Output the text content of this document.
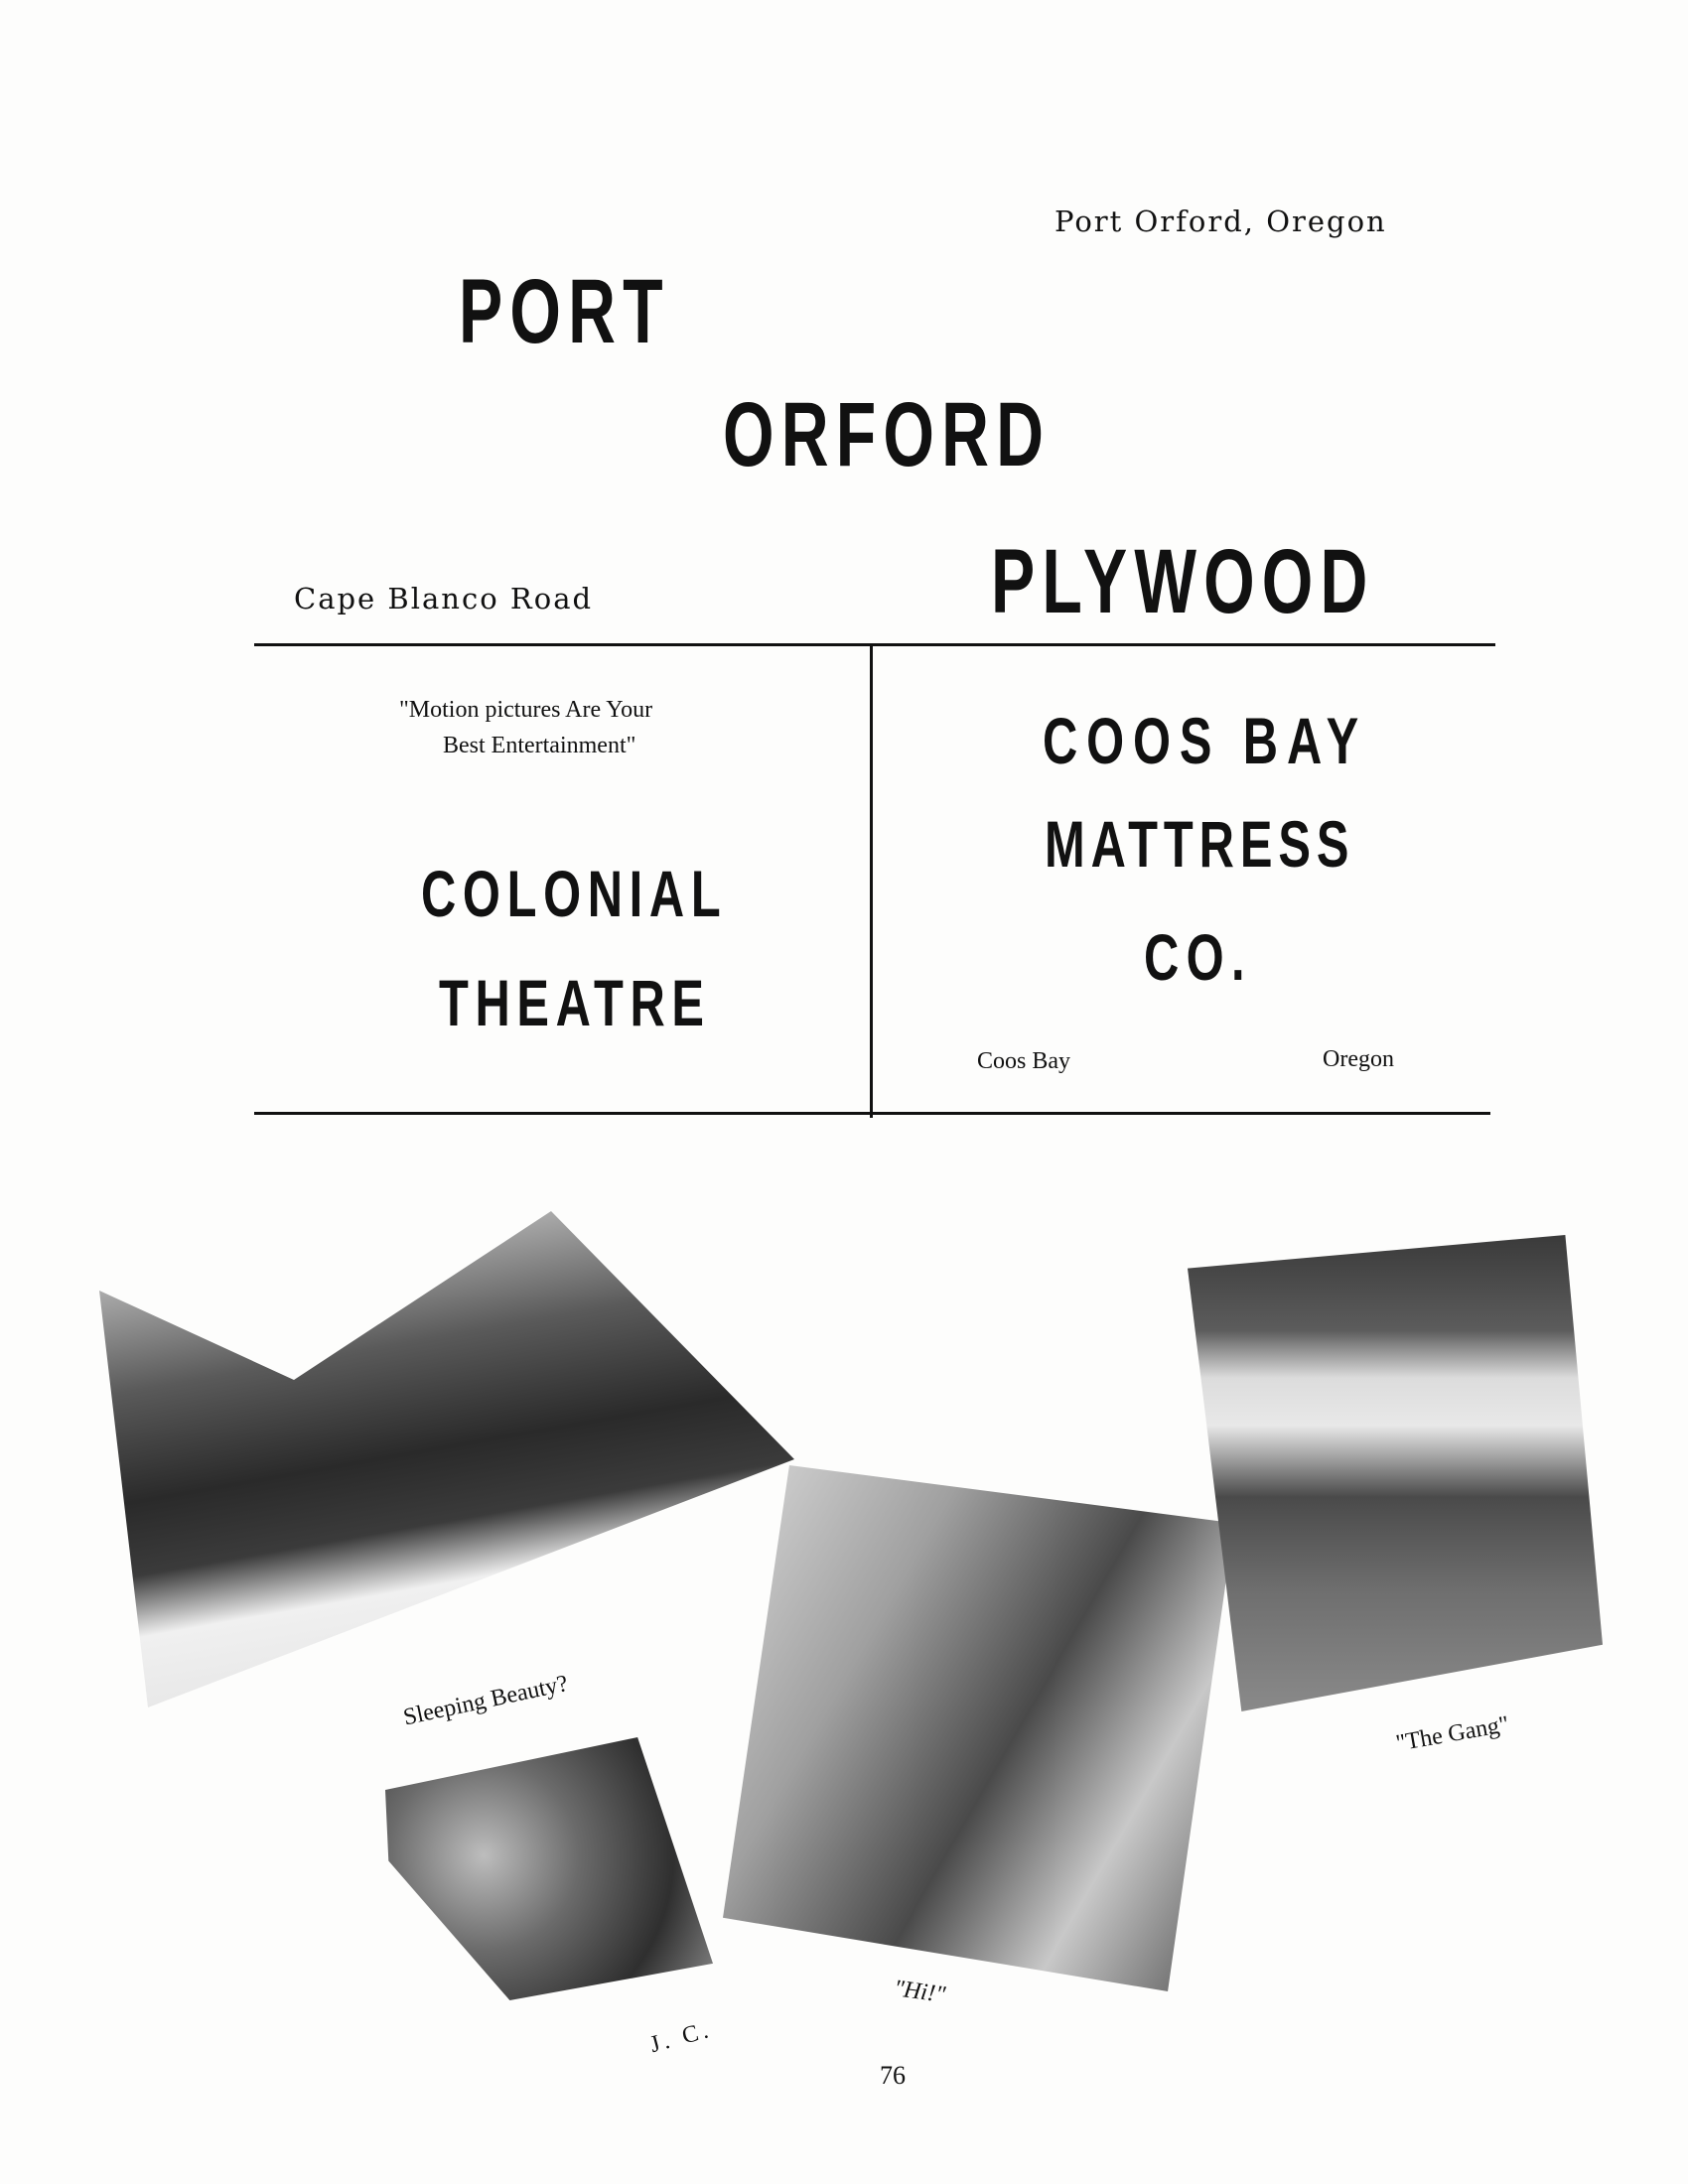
Port Orford, Oregon
PORT
ORFORD
PLYWOOD
Cape Blanco Road
"Motion pictures Are Your
Best Entertainment"
COLONIAL
THEATRE
COOS BAY
MATTRESS
CO.
Coos Bay	Oregon
Sleeping Beauty?
J. C.
"Hi!"
"The Gang"
76
